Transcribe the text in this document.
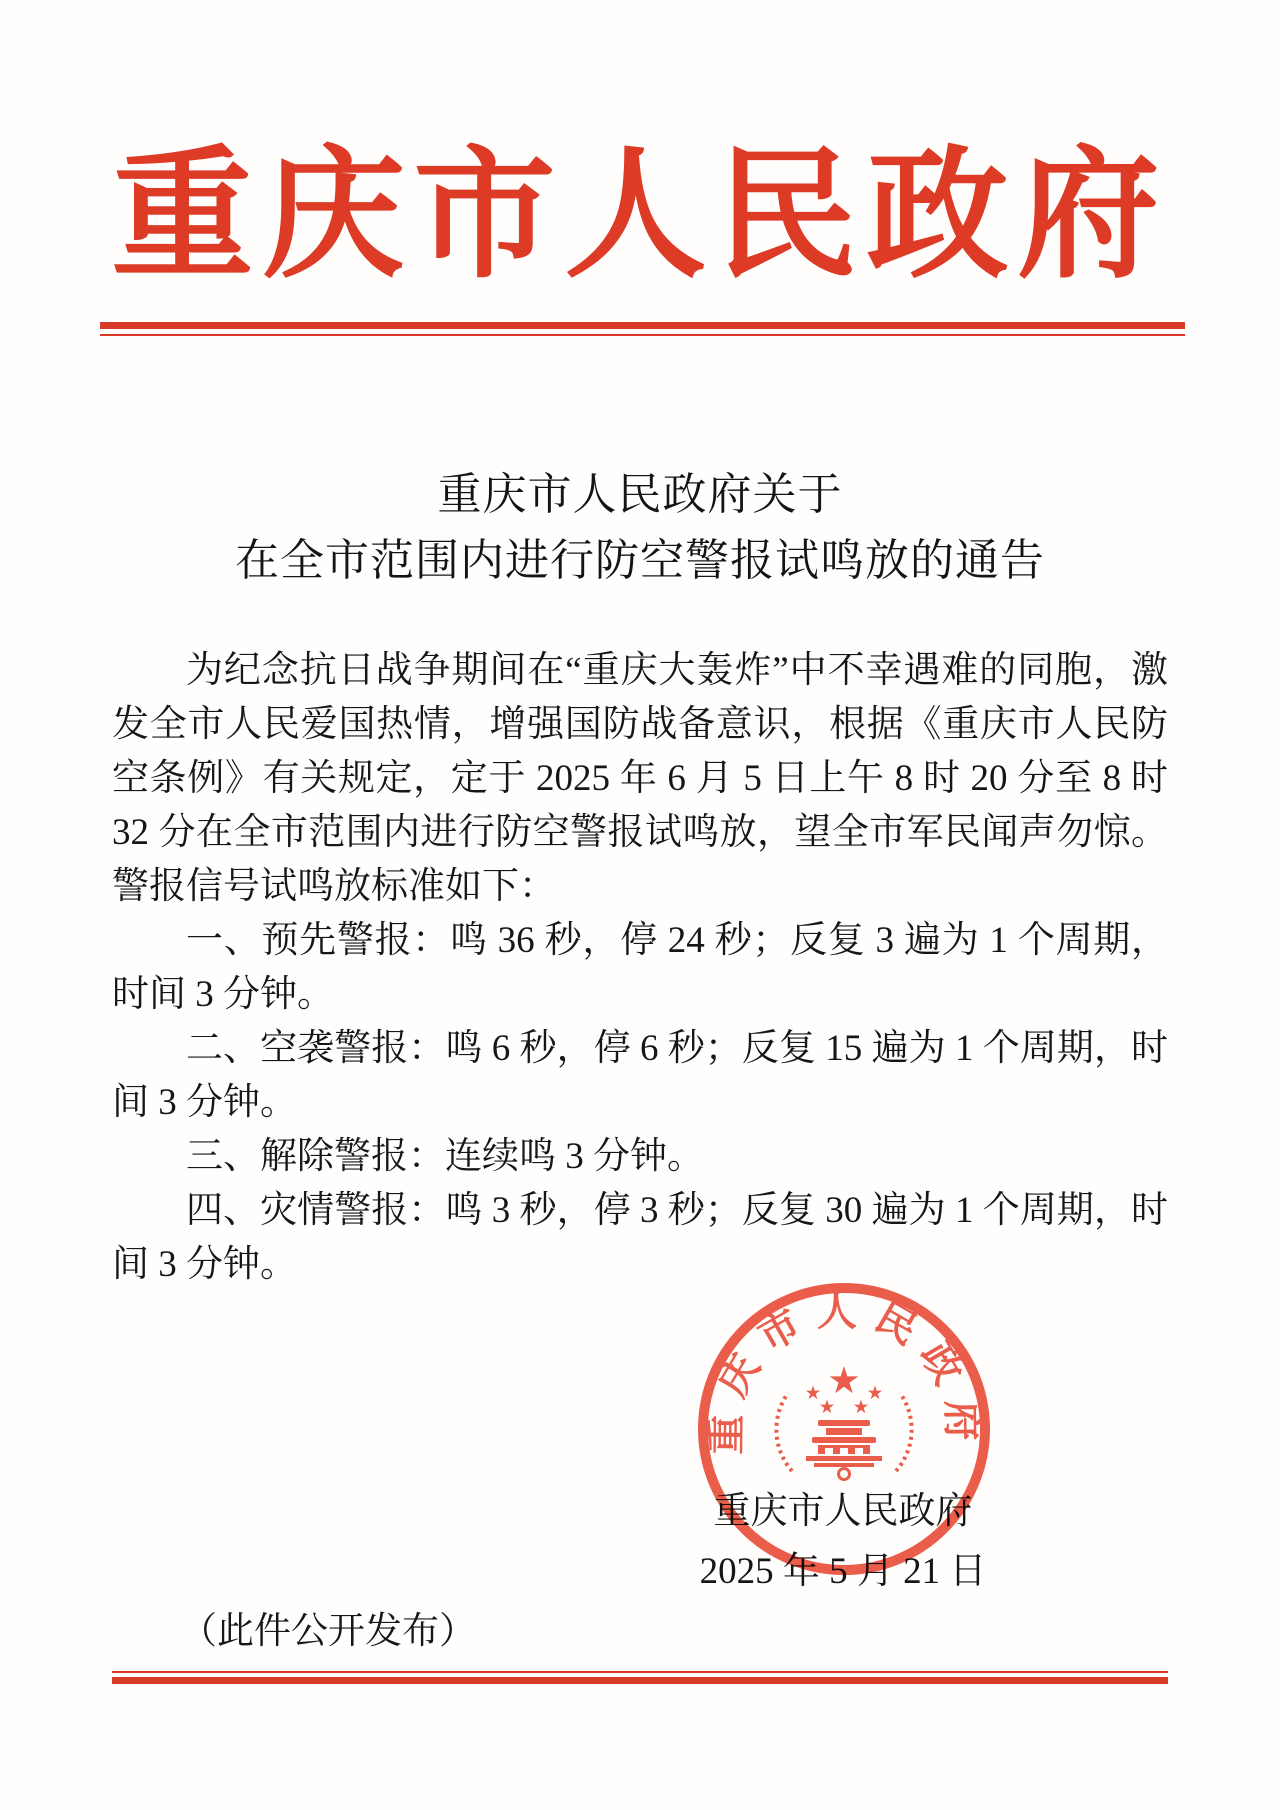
重庆市人民政府
重庆市人民政府关于
在全市范围内进行防空警报试鸣放的通告

为纪念抗日战争期间在“重庆大轰炸”中不幸遇难的同胞，激发全市人民爱国热情，增强国防战备意识，根据《重庆市人民防空条例》有关规定，定于 2025 年 6 月 5 日上午 8 时 20 分至 8 时 32 分在全市范围内进行防空警报试鸣放，望全市军民闻声勿惊。警报信号试鸣放标准如下：

一、预先警报：鸣 36 秒，停 24 秒；反复 3 遍为 1 个周期，时间 3 分钟。

二、空袭警报：鸣 6 秒，停 6 秒；反复 15 遍为 1 个周期，时间 3 分钟。

三、解除警报：连续鸣 3 分钟。

四、灾情警报：鸣 3 秒，停 3 秒；反复 30 遍为 1 个周期，时间 3 分钟。

重庆市人民政府
2025 年 5 月 21 日
重庆市人民政府
（此件公开发布）
